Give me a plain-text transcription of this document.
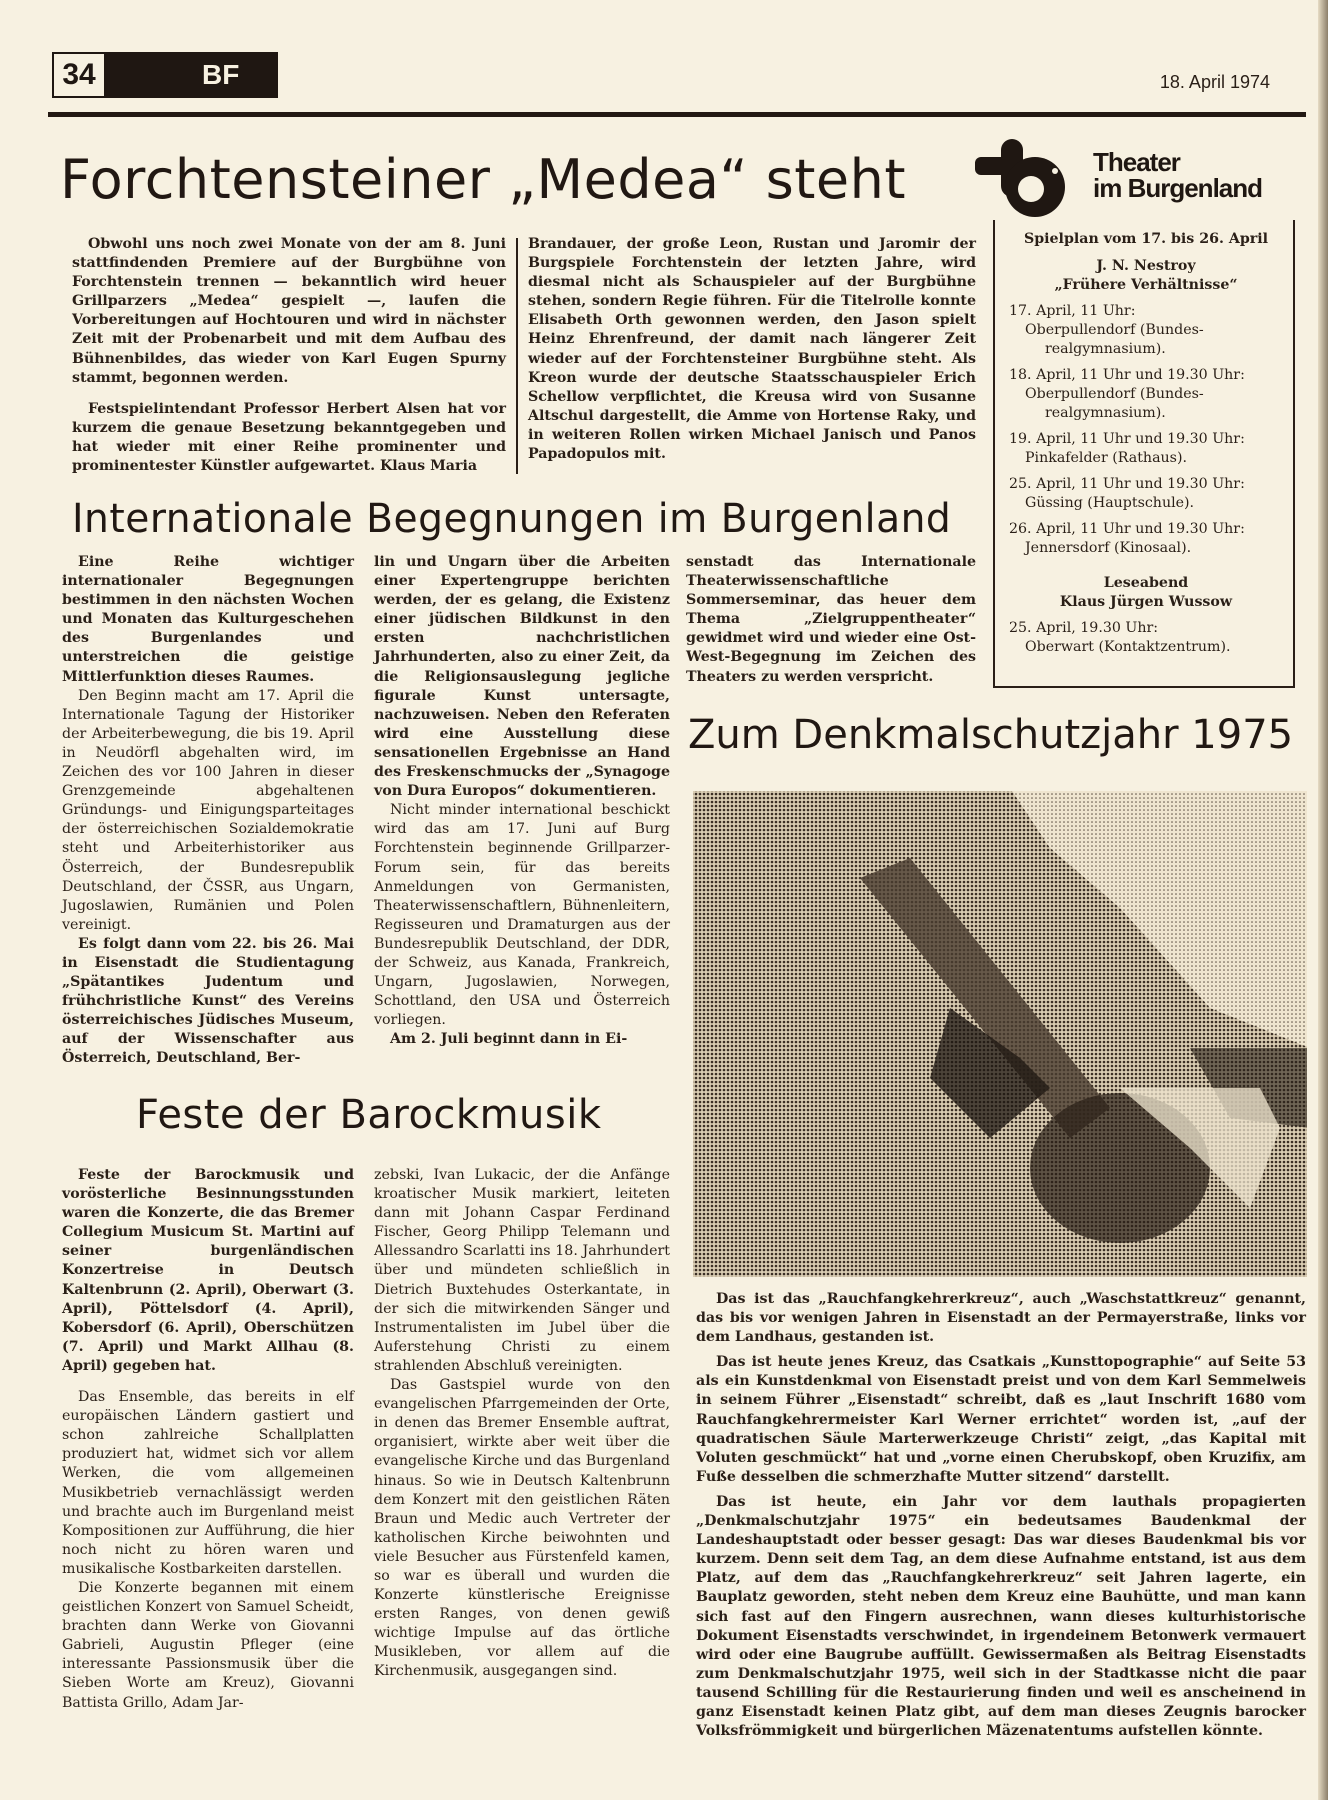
34	BF	18. April 1974
Forchtensteiner „Medea“ steht	Theater
im Burgenland

Obwohl uns noch zwei Monate von der am 8. Juni stattfindenden Premiere auf der Burgbühne von Forchtenstein trennen — bekanntlich wird heuer Grillparzers „Medea“ gespielt —, laufen die Vorbereitungen auf Hochtouren und wird in nächster Zeit mit der Probenarbeit und mit dem Aufbau des Bühnenbildes, das wieder von Karl Eugen Spurny stammt, begonnen werden.

Festspielintendant Professor Herbert Alsen hat vor kurzem die genaue Besetzung bekanntgegeben und hat wieder mit einer Reihe prominenter und prominentester Künstler aufgewartet. Klaus Maria

Brandauer, der große Leon, Rustan und Jaromir der Burgspiele Forchtenstein der letzten Jahre, wird diesmal nicht als Schauspieler auf der Burgbühne stehen, sondern Regie führen. Für die Titelrolle konnte Elisabeth Orth gewonnen werden, den Jason spielt Heinz Ehrenfreund, der damit nach längerer Zeit wieder auf der Forchtensteiner Burgbühne steht. Als Kreon wurde der deutsche Staatsschauspieler Erich Schellow verpflichtet, die Kreusa wird von Susanne Altschul dargestellt, die Amme von Hortense Raky, und in weiteren Rollen wirken Michael Janisch und Panos Papadopulos mit.

Spielplan vom 17. bis 26. April
J. N. Nestroy
„Frühere Verhältnisse“
17. April, 11 Uhr:
Oberpullendorf (Bundes-
realgymnasium).
18. April, 11 Uhr und 19.30 Uhr:
Oberpullendorf (Bundes-
realgymnasium).
19. April, 11 Uhr und 19.30 Uhr:
Pinkafelder (Rathaus).
25. April, 11 Uhr und 19.30 Uhr:
Güssing (Hauptschule).
26. April, 11 Uhr und 19.30 Uhr:
Jennersdorf (Kinosaal).
Leseabend
Klaus Jürgen Wussow
25. April, 19.30 Uhr:
Oberwart (Kontaktzentrum).
Internationale Begegnungen im Burgenland

Eine Reihe wichtiger internationaler Begegnungen bestimmen in den nächsten Wochen und Monaten das Kulturgeschehen des Burgenlandes und unterstreichen die geistige Mittlerfunktion dieses Raumes.

Den Beginn macht am 17. April die Internationale Tagung der Historiker der Arbeiterbewegung, die bis 19. April in Neudörfl abgehalten wird, im Zeichen des vor 100 Jahren in dieser Grenzgemeinde abgehaltenen Gründungs- und Einigungsparteitages der österreichischen Sozialdemokratie steht und Arbeiterhistoriker aus Österreich, der Bundesrepublik Deutschland, der ČSSR, aus Ungarn, Jugoslawien, Rumänien und Polen vereinigt.

Es folgt dann vom 22. bis 26. Mai in Eisenstadt die Studientagung „Spätantikes Judentum und frühchristliche Kunst“ des Vereins österreichisches Jüdisches Museum, auf der Wissenschafter aus Österreich, Deutschland, Ber-

lin und Ungarn über die Arbeiten einer Expertengruppe berichten werden, der es gelang, die Existenz einer jüdischen Bildkunst in den ersten nachchristlichen Jahrhunderten, also zu einer Zeit, da die Religionsauslegung jegliche figurale Kunst untersagte, nachzuweisen. Neben den Referaten wird eine Ausstellung diese sensationellen Ergebnisse an Hand des Freskenschmucks der „Synagoge von Dura Europos“ dokumentieren.

Nicht minder international beschickt wird das am 17. Juni auf Burg Forchtenstein beginnende Grillparzer-Forum sein, für das bereits Anmeldungen von Germanisten, Theaterwissenschaftlern, Bühnenleitern, Regisseuren und Dramaturgen aus der Bundesrepublik Deutschland, der DDR, der Schweiz, aus Kanada, Frankreich, Ungarn, Jugoslawien, Norwegen, Schottland, den USA und Österreich vorliegen.

Am 2. Juli beginnt dann in Ei-

senstadt das Internationale Theaterwissenschaftliche Sommerseminar, das heuer dem Thema „Zielgruppentheater“ gewidmet wird und wieder eine Ost-West-Begegnung im Zeichen des Theaters zu werden verspricht.

Feste der Barockmusik

Feste der Barockmusik und vorösterliche Besinnungsstunden waren die Konzerte, die das Bremer Collegium Musicum St. Martini auf seiner burgenländischen Konzertreise in Deutsch Kaltenbrunn (2. April), Oberwart (3. April), Pöttelsdorf (4. April), Kobersdorf (6. April), Oberschützen (7. April) und Markt Allhau (8. April) gegeben hat.

Das Ensemble, das bereits in elf europäischen Ländern gastiert und schon zahlreiche Schallplatten produziert hat, widmet sich vor allem Werken, die vom allgemeinen Musikbetrieb vernachlässigt werden und brachte auch im Burgenland meist Kompositionen zur Aufführung, die hier noch nicht zu hören waren und musikalische Kostbarkeiten darstellen.

Die Konzerte begannen mit einem geistlichen Konzert von Samuel Scheidt, brachten dann Werke von Giovanni Gabrieli, Augustin Pfleger (eine interessante Passionsmusik über die Sieben Worte am Kreuz), Giovanni Battista Grillo, Adam Jar-

zebski, Ivan Lukacic, der die Anfänge kroatischer Musik markiert, leiteten dann mit Johann Caspar Ferdinand Fischer, Georg Philipp Telemann und Allessandro Scarlatti ins 18. Jahrhundert über und mündeten schließlich in Dietrich Buxtehudes Osterkantate, in der sich die mitwirkenden Sänger und Instrumentalisten im Jubel über die Auferstehung Christi zu einem strahlenden Abschluß vereinigten.

Das Gastspiel wurde von den evangelischen Pfarrgemeinden der Orte, in denen das Bremer Ensemble auftrat, organisiert, wirkte aber weit über die evangelische Kirche und das Burgenland hinaus. So wie in Deutsch Kaltenbrunn dem Konzert mit den geistlichen Räten Braun und Medic auch Vertreter der katholischen Kirche beiwohnten und viele Besucher aus Fürstenfeld kamen, so war es überall und wurden die Konzerte künstlerische Ereignisse ersten Ranges, von denen gewiß wichtige Impulse auf das örtliche Musikleben, vor allem auf die Kirchenmusik, ausgegangen sind.

Zum Denkmalschutzjahr 1975

Das ist das „Rauchfangkehrerkreuz“, auch „Waschstattkreuz“ genannt, das bis vor wenigen Jahren in Eisenstadt an der Permayerstraße, links vor dem Landhaus, gestanden ist.

Das ist heute jenes Kreuz, das Csatkais „Kunsttopographie“ auf Seite 53 als ein Kunstdenkmal von Eisenstadt preist und von dem Karl Semmelweis in seinem Führer „Eisenstadt“ schreibt, daß es „laut Inschrift 1680 vom Rauchfangkehrermeister Karl Werner errichtet“ worden ist, „auf der quadratischen Säule Marterwerkzeuge Christi“ zeigt, „das Kapital mit Voluten geschmückt“ hat und „vorne einen Cherubskopf, oben Kruzifix, am Fuße desselben die schmerzhafte Mutter sitzend“ darstellt.

Das ist heute, ein Jahr vor dem lauthals propagierten „Denkmalschutzjahr 1975“ ein bedeutsames Baudenkmal der Landeshauptstadt oder besser gesagt: Das war dieses Baudenkmal bis vor kurzem. Denn seit dem Tag, an dem diese Aufnahme entstand, ist aus dem Platz, auf dem das „Rauchfangkehrerkreuz“ seit Jahren lagerte, ein Bauplatz geworden, steht neben dem Kreuz eine Bauhütte, und man kann sich fast auf den Fingern ausrechnen, wann dieses kulturhistorische Dokument Eisenstadts verschwindet, in irgendeinem Betonwerk vermauert wird oder eine Baugrube auffüllt. Gewissermaßen als Beitrag Eisenstadts zum Denkmalschutzjahr 1975, weil sich in der Stadtkasse nicht die paar tausend Schilling für die Restaurierung finden und weil es anscheinend in ganz Eisenstadt keinen Platz gibt, auf dem man dieses Zeugnis barocker Volksfrömmigkeit und bürgerlichen Mäzenatentums aufstellen könnte.
